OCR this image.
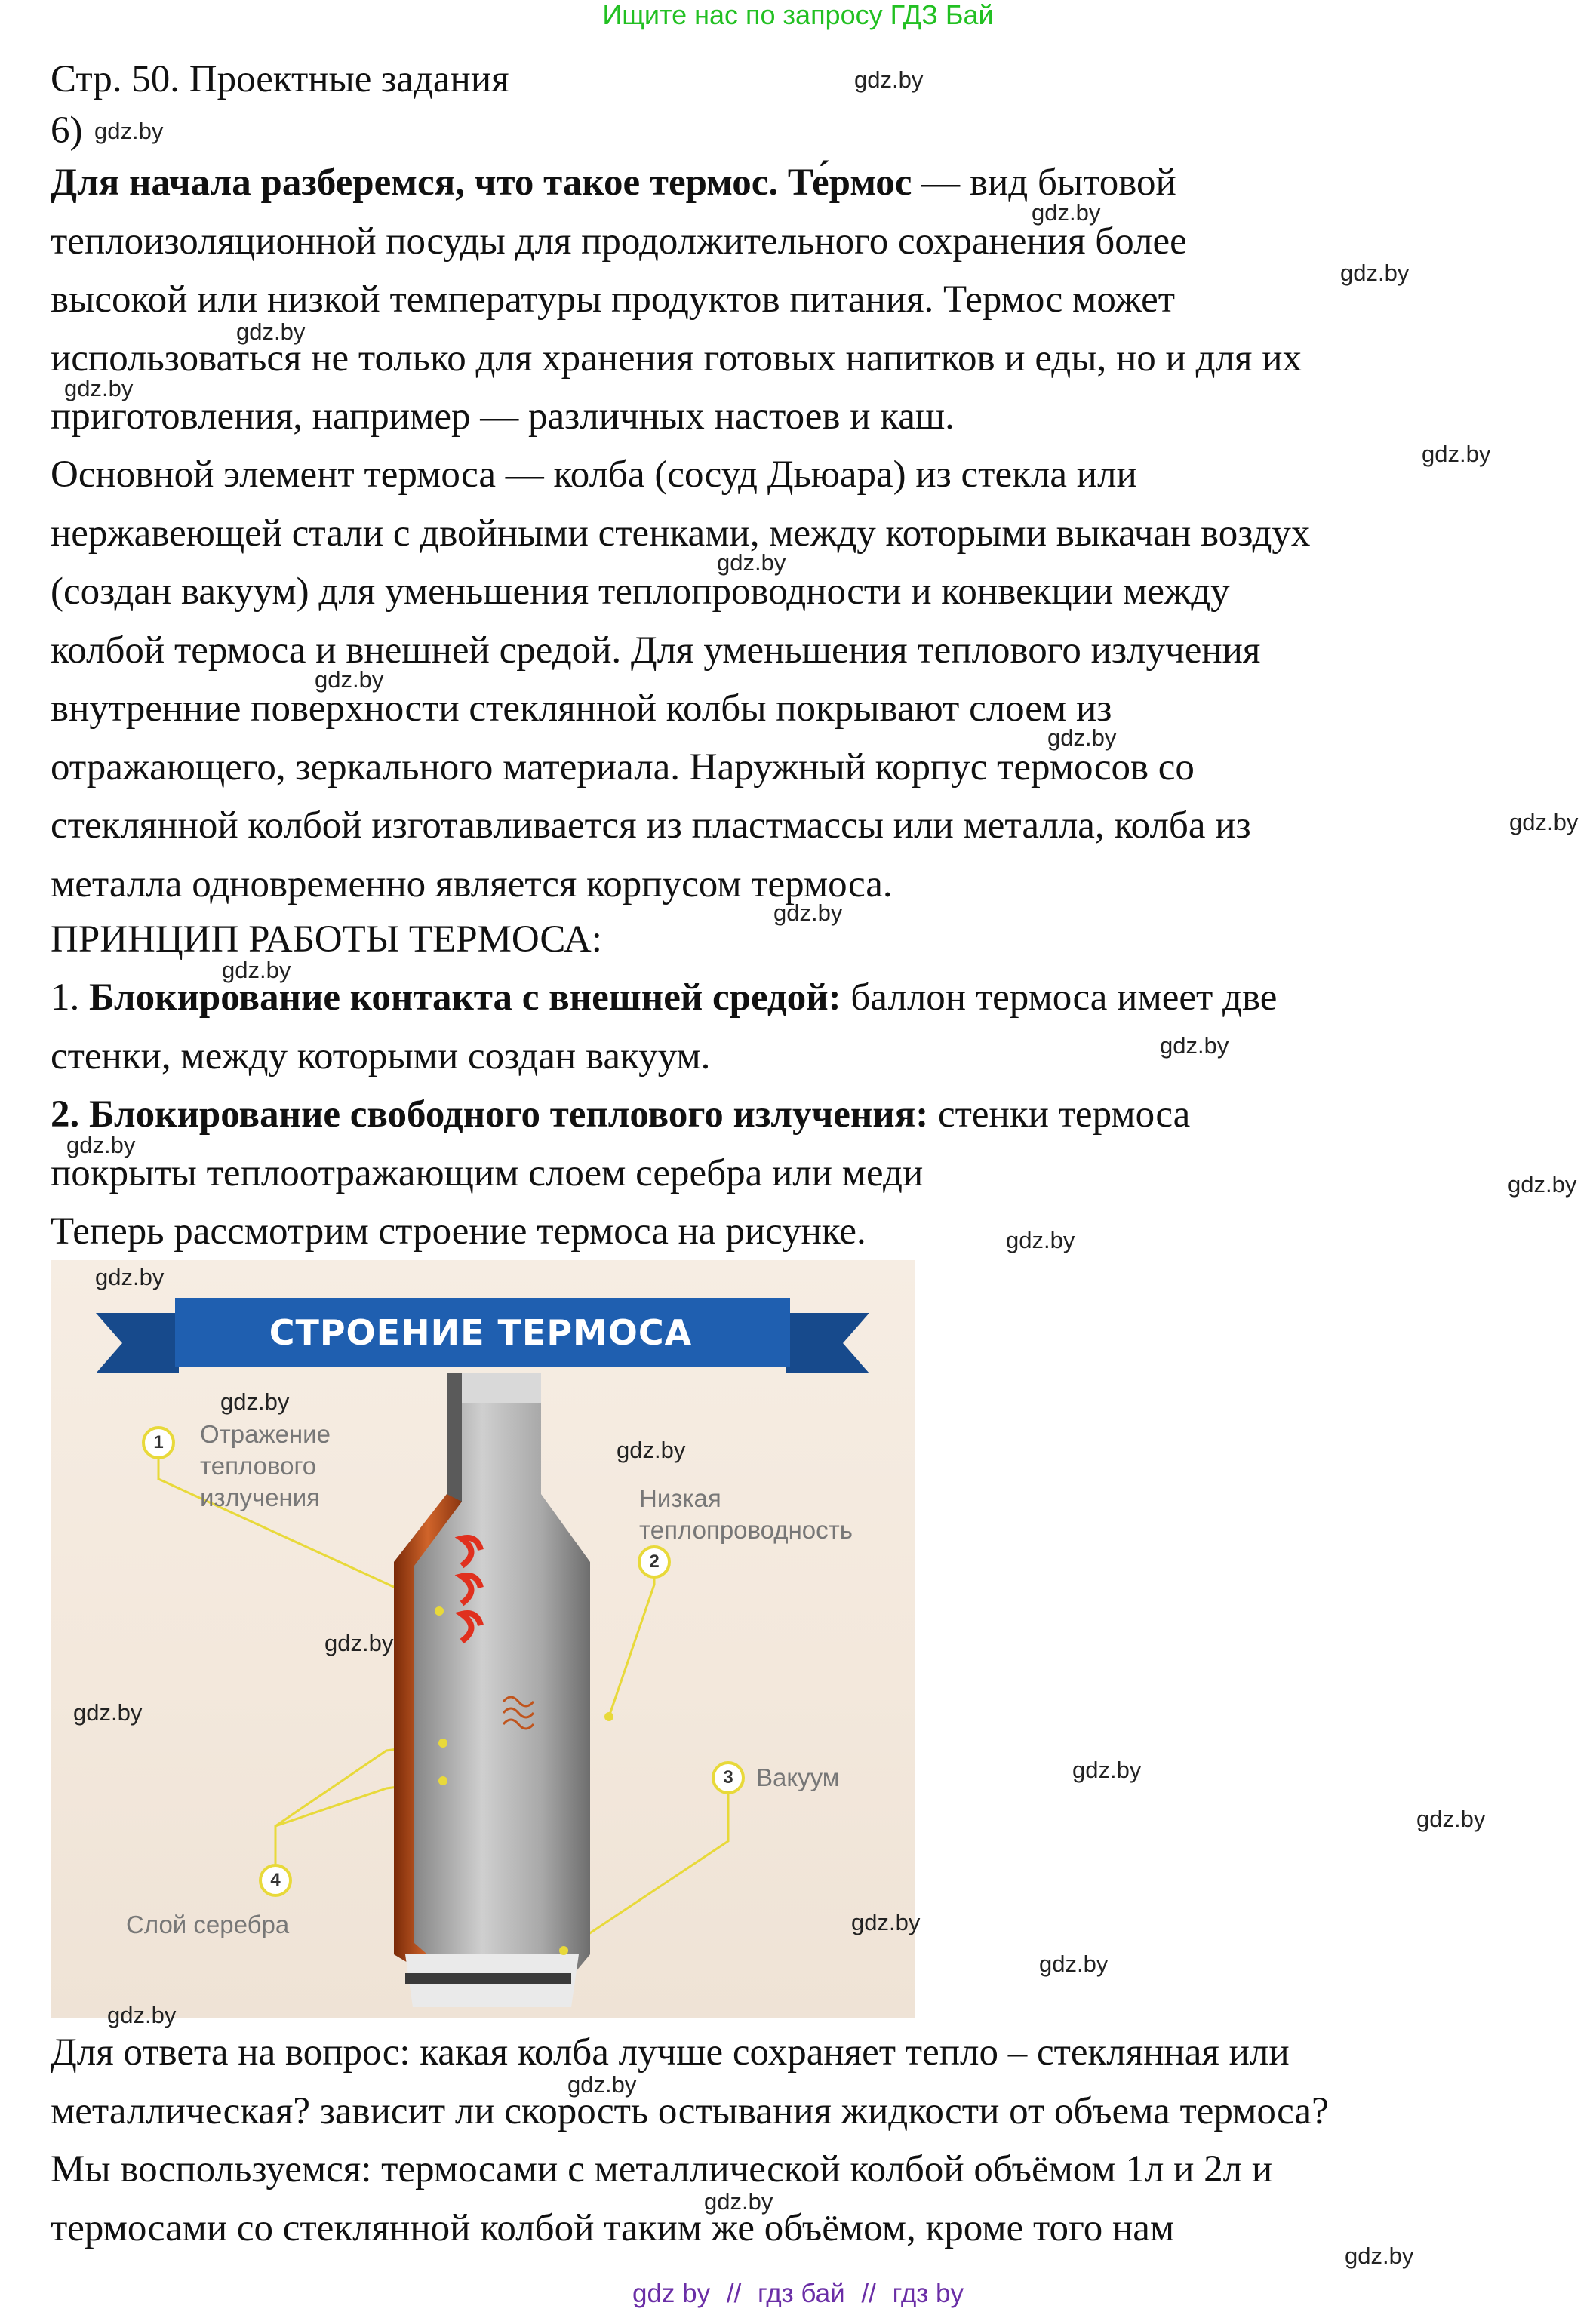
Ищите нас по запросу ГДЗ Бай
Стр. 50. Проектные задания
6)
Для начала разберемся, что такое термос. Те́рмос — вид бытовой
теплоизоляционной посуды для продолжительного сохранения более
высокой или низкой температуры продуктов питания. Термос может
использоваться не только для хранения готовых напитков и еды, но и для их
приготовления, например — различных настоев и каш.
Основной элемент термоса — колба (сосуд Дьюара) из стекла или
нержавеющей стали с двойными стенками, между которыми выкачан воздух
(создан вакуум) для уменьшения теплопроводности и конвекции между
колбой термоса и внешней средой. Для уменьшения теплового излучения
внутренние поверхности стеклянной колбы покрывают слоем из
отражающего, зеркального материала. Наружный корпус термосов со
стеклянной колбой изготавливается из пластмассы или металла, колба из
металла одновременно является корпусом термоса.
ПРИНЦИП РАБОТЫ ТЕРМОСА:
1. Блокирование контакта с внешней средой: баллон термоса имеет две
стенки, между которыми создан вакуум.
2. Блокирование свободного теплового излучения: стенки термоса
покрыты теплоотражающим слоем серебра или меди
Теперь рассмотрим строение термоса на рисунке.
СТРОЕНИЕ ТЕРМОСА
1	Отражение
теплового
излучения
2
Низкая
теплопроводность
3 Вакуум
4
Слой серебра
Для ответа на вопрос: какая колба лучше сохраняет тепло – стеклянная или
металлическая? зависит ли скорость остывания жидкости от объема термоса?
Мы воспользуемся: термосами с металлической колбой объёмом 1л и 2л и
термосами со стеклянной колбой таким же объёмом, кроме того нам
gdz.by
gdz.by
gdz.by
gdz.by
gdz.by
gdz.by
gdz.by
gdz.by
gdz.by
gdz.by
gdz.by
gdz.by
gdz.by
gdz.by
gdz.by
gdz.by
gdz.by
gdz.by
gdz.by
gdz.by
gdz.by
gdz.by
gdz.by
gdz.by
gdz.by
gdz.by
gdz.by
gdz.by
gdz.by
gdz.by
gdz by // гдз бай // гдз by
